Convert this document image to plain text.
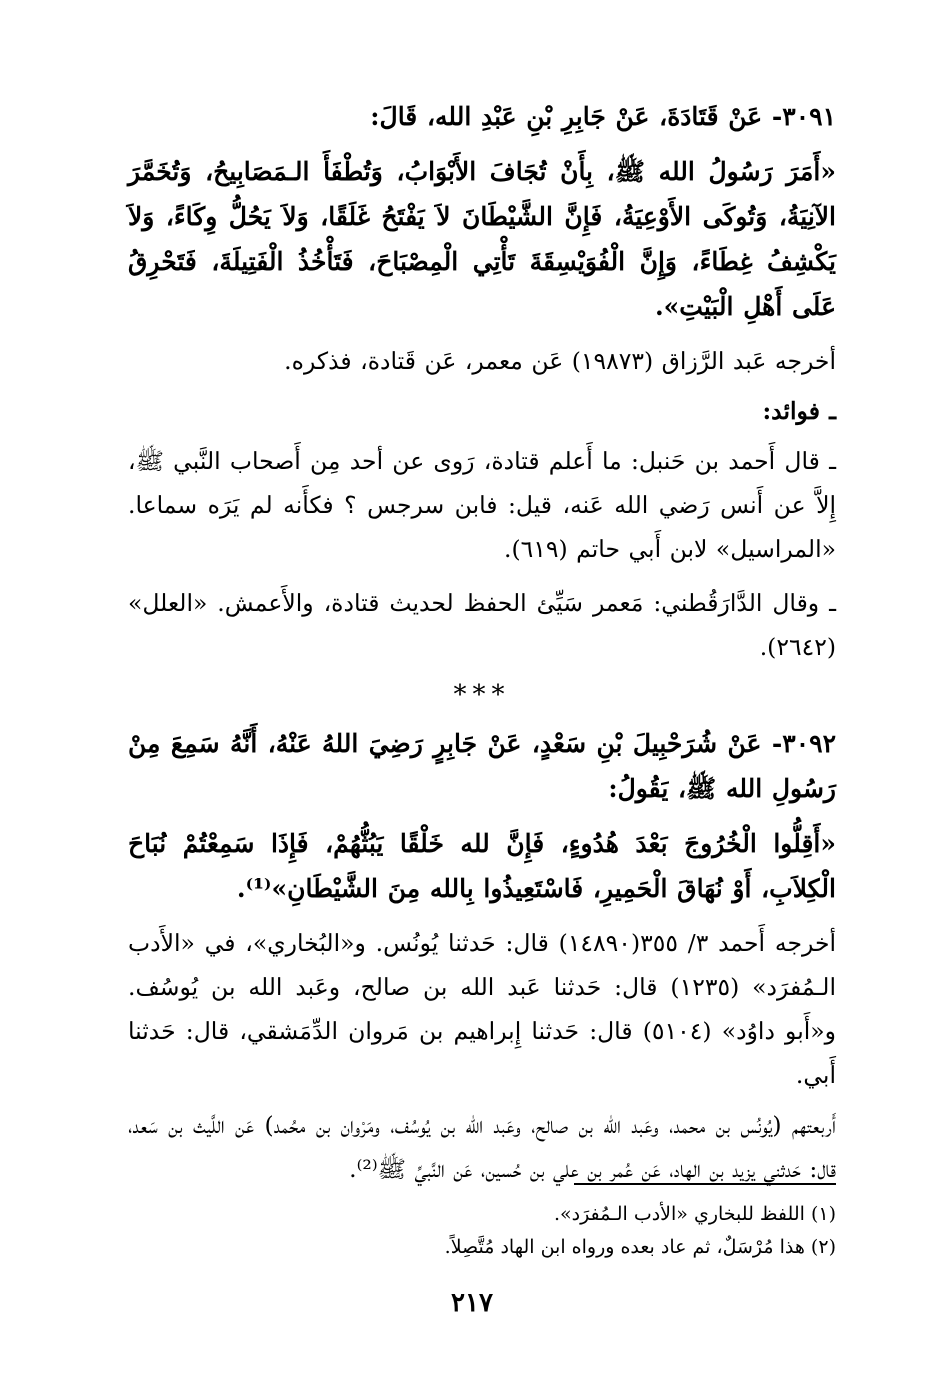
٣٠٩١- عَنْ قَتَادَةَ، عَنْ جَابِرِ بْنِ عَبْدِ الله، قَالَ:

«أَمَرَ رَسُولُ الله ﷺ، بِأَنْ تُجَافَ الأَبْوَابُ، وَتُطْفَأَ الـمَصَابِيحُ، وَتُخَمَّرَ الآنِيَةُ، وَتُوكَى الأَوْعِيَةُ، فَإِنَّ الشَّيْطَانَ لاَ يَفْتَحُ غَلَقًا، وَلاَ يَحُلُّ وِكَاءً، وَلاَ يَكْشِفُ غِطَاءً، وَإِنَّ الْفُوَيْسِقَةَ تَأْتِي الْمِصْبَاحَ، فَتَأْخُذُ الْفَتِيلَةَ، فَتَحْرِقُ عَلَى أَهْلِ الْبَيْتِ».

أخرجه عَبد الرَّزاق (١٩٨٧٣) عَن معمر، عَن قَتادة، فذكره.

ـ فوائد:

ـ قال أَحمد بن حَنبل: ما أَعلم قتادة، رَوى عن أحد مِن أَصحاب النَّبي ﷺ، إِلاَّ عن أَنس رَضي الله عَنه، قيل: فابن سرجس ؟ فكأَنه لم يَرَه سماعا. «المراسيل» لابن أَبي حاتم (٦١٩).

ـ وقال الدَّارَقُطني: مَعمر سَيِّئ الحفظ لحديث قتادة، والأَعمش. «العلل» (٢٦٤٢).

***

٣٠٩٢- عَنْ شُرَحْبِيلَ بْنِ سَعْدٍ، عَنْ جَابِرٍ رَضِيَ اللهُ عَنْهُ، أَنَّهُ سَمِعَ مِنْ رَسُولِ الله ﷺ، يَقُولُ:

«أَقِلُّوا الْخُرُوجَ بَعْدَ هُدُوءٍ، فَإِنَّ لله خَلْقًا يَبُثُّهُمْ، فَإِذَا سَمِعْتُمْ نُبَاحَ الْكِلاَبِ، أَوْ نُهَاقَ الْحَمِيرِ، فَاسْتَعِيذُوا بِالله مِنَ الشَّيْطَانِ»⁽¹⁾.

أخرجه أَحمد ٣/ ٣٥٥(١٤٨٩٠) قال: حَدثنا يُونُس. و«البُخاري»، في «الأَدب الـمُفرَد» (١٢٣٥) قال: حَدثنا عَبد الله بن صالح، وعَبد الله بن يُوسُف. و«أَبو داوُد» (٥١٠٤) قال: حَدثنا إِبراهيم بن مَروان الدِّمَشقي، قال: حَدثنا أَبي.

أَربعتهم (يُونُس بن محمد، وعَبد الله بن صالح، وعَبد الله بن يُوسُف، ومَرْوان بن محُمد) عَن اللَّيث بن سَعد، قال: حَدثني يزيد بن الهاد، عَن عُمر بن علي بن حُسين، عَن النَّبيِّ ﷺ⁽²⁾.

(١) اللفظ للبخاري «الأدب الـمُفرَد».

(٢) هذا مُرْسَلٌ، ثم عاد بعده ورواه ابن الهاد مُتَّصِلاً.

٢١٧
